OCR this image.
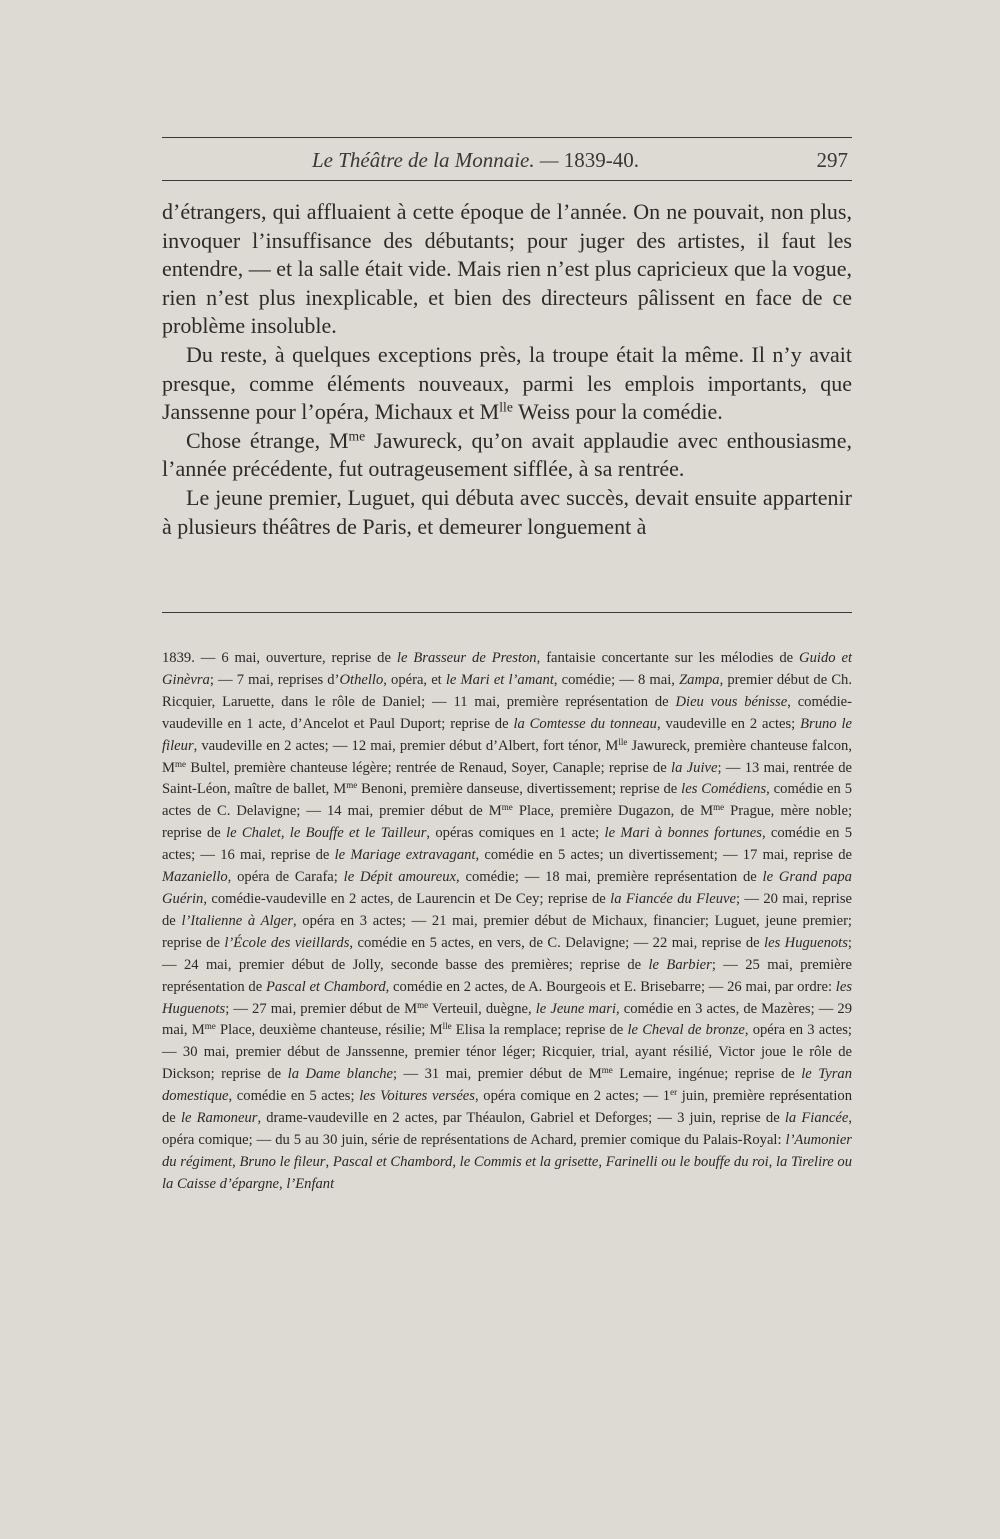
Le Théâtre de la Monnaie. — 1839-40.	297

d’étrangers, qui affluaient à cette époque de l’année. On ne pouvait, non plus, invoquer l’insuffisance des débutants; pour juger des artistes, il faut les entendre, — et la salle était vide. Mais rien n’est plus capricieux que la vogue, rien n’est plus inexplicable, et bien des directeurs pâlissent en face de ce problème insoluble.

Du reste, à quelques exceptions près, la troupe était la même. Il n’y avait presque, comme éléments nouveaux, parmi les emplois importants, que Janssenne pour l’opéra, Michaux et $M^{lle}$ Weiss pour la comédie.

Chose étrange, $M^{me}$ Jawureck, qu’on avait applaudie avec enthousiasme, l’année précédente, fut outrageusement sifflée, à sa rentrée.

Le jeune premier, Luguet, qui débuta avec succès, devait ensuite appartenir à plusieurs théâtres de Paris, et demeurer longuement à

1839. — 6 mai, ouverture, reprise de le Brasseur de Preston, fantaisie concertante sur les mélodies de Guido et Ginèvra; — 7 mai, reprises d’Othello, opéra, et le Mari et l’amant, comédie; — 8 mai, Zampa, premier début de Ch. Ricquier, Laruette, dans le rôle de Daniel; — 11 mai, première représentation de Dieu vous bénisse, comédie-vaudeville en 1 acte, d’Ancelot et Paul Duport; reprise de la Comtesse du tonneau, vaudeville en 2 actes; Bruno le fileur, vaudeville en 2 actes; — 12 mai, premier début d’Albert, fort ténor, $M^{lle}$ Jawureck, première chanteuse falcon, $M^{me}$ Bultel, première chanteuse légère; rentrée de Renaud, Soyer, Canaple; reprise de la Juive; — 13 mai, rentrée de Saint-Léon, maître de ballet, $M^{me}$ Benoni, première danseuse, divertissement; reprise de les Comédiens, comédie en 5 actes de C. Delavigne; — 14 mai, premier début de $M^{me}$ Place, première Dugazon, de $M^{me}$ Prague, mère noble; reprise de le Chalet, le Bouffe et le Tailleur, opéras comiques en 1 acte; le Mari à bonnes fortunes, comédie en 5 actes; — 16 mai, reprise de le Mariage extravagant, comédie en 5 actes; un divertissement; — 17 mai, reprise de Mazaniello, opéra de Carafa; le Dépit amoureux, comédie; — 18 mai, première représentation de le Grand papa Guérin, comédie-vaudeville en 2 actes, de Laurencin et De Cey; reprise de la Fiancée du Fleuve; — 20 mai, reprise de l’Italienne à Alger, opéra en 3 actes; — 21 mai, premier début de Michaux, financier; Luguet, jeune premier; reprise de l’École des vieillards, comédie en 5 actes, en vers, de C. Delavigne; — 22 mai, reprise de les Huguenots; — 24 mai, premier début de Jolly, seconde basse des premières; reprise de le Barbier; — 25 mai, première représentation de Pascal et Chambord, comédie en 2 actes, de A. Bourgeois et E. Brisebarre; — 26 mai, par ordre: les Huguenots; — 27 mai, premier début de $M^{me}$ Verteuil, duègne, le Jeune mari, comédie en 3 actes, de Mazères; — 29 mai, $M^{me}$ Place, deuxième chanteuse, résilie; $M^{lle}$ Elisa la remplace; reprise de le Cheval de bronze, opéra en 3 actes; — 30 mai, premier début de Janssenne, premier ténor léger; Ricquier, trial, ayant résilié, Victor joue le rôle de Dickson; reprise de la Dame blanche; — 31 mai, premier début de $M^{me}$ Lemaire, ingénue; reprise de le Tyran domestique, comédie en 5 actes; les Voitures versées, opéra comique en 2 actes; — 1er juin, première représentation de le Ramoneur, drame-vaudeville en 2 actes, par Théaulon, Gabriel et Deforges; — 3 juin, reprise de la Fiancée, opéra comique; — du 5 au 30 juin, série de représentations de Achard, premier comique du Palais-Royal: l’Aumonier du régiment, Bruno le fileur, Pascal et Chambord, le Commis et la grisette, Farinelli ou le bouffe du roi, la Tirelire ou la Caisse d’épargne, l’Enfant
